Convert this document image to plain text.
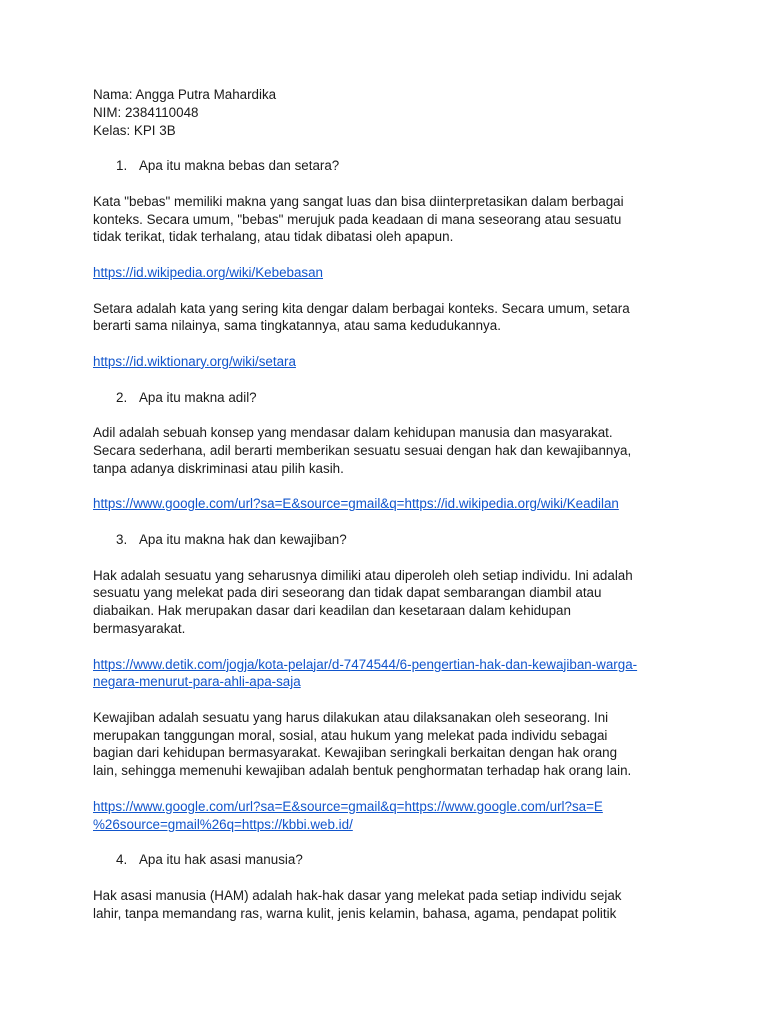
Nama: Angga Putra Mahardika
NIM: 2384110048
Kelas: KPI 3B
1. Apa itu makna bebas dan setara?
Kata "bebas" memiliki makna yang sangat luas dan bisa diinterpretasikan dalam berbagai
konteks. Secara umum, "bebas" merujuk pada keadaan di mana seseorang atau sesuatu
tidak terikat, tidak terhalang, atau tidak dibatasi oleh apapun.
https://id.wikipedia.org/wiki/Kebebasan
Setara adalah kata yang sering kita dengar dalam berbagai konteks. Secara umum, setara
berarti sama nilainya, sama tingkatannya, atau sama kedudukannya.
https://id.wiktionary.org/wiki/setara
2. Apa itu makna adil?
Adil adalah sebuah konsep yang mendasar dalam kehidupan manusia dan masyarakat.
Secara sederhana, adil berarti memberikan sesuatu sesuai dengan hak dan kewajibannya,
tanpa adanya diskriminasi atau pilih kasih.
https://www.google.com/url?sa=E&source=gmail&q=https://id.wikipedia.org/wiki/Keadilan
3. Apa itu makna hak dan kewajiban?
Hak adalah sesuatu yang seharusnya dimiliki atau diperoleh oleh setiap individu. Ini adalah
sesuatu yang melekat pada diri seseorang dan tidak dapat sembarangan diambil atau
diabaikan. Hak merupakan dasar dari keadilan dan kesetaraan dalam kehidupan
bermasyarakat.
https://www.detik.com/jogja/kota-pelajar/d-7474544/6-pengertian-hak-dan-kewajiban-warga-
negara-menurut-para-ahli-apa-saja
Kewajiban adalah sesuatu yang harus dilakukan atau dilaksanakan oleh seseorang. Ini
merupakan tanggungan moral, sosial, atau hukum yang melekat pada individu sebagai
bagian dari kehidupan bermasyarakat. Kewajiban seringkali berkaitan dengan hak orang
lain, sehingga memenuhi kewajiban adalah bentuk penghormatan terhadap hak orang lain.
https://www.google.com/url?sa=E&source=gmail&q=https://www.google.com/url?sa=E
%26source=gmail%26q=https://kbbi.web.id/
4. Apa itu hak asasi manusia?
Hak asasi manusia (HAM) adalah hak-hak dasar yang melekat pada setiap individu sejak
lahir, tanpa memandang ras, warna kulit, jenis kelamin, bahasa, agama, pendapat politik
